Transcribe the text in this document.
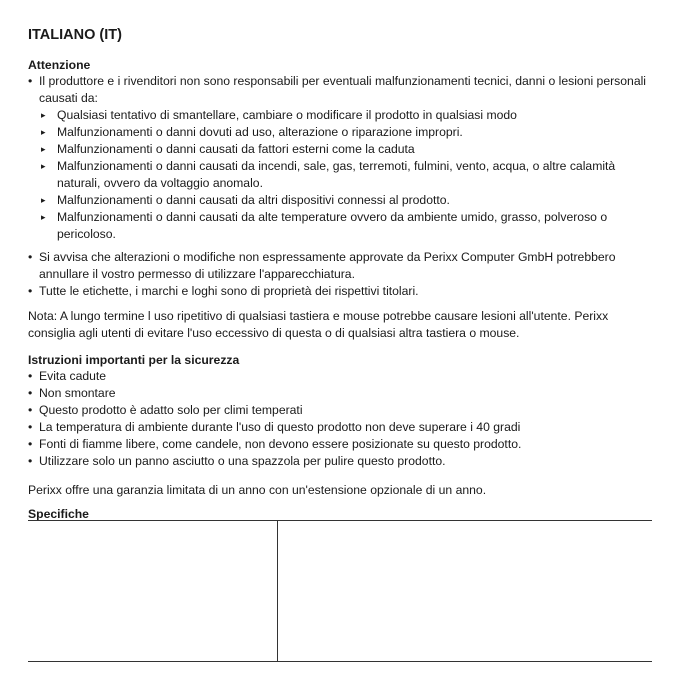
ITALIANO (IT)
Attenzione
• Il produttore e i rivenditori non sono responsabili per eventuali malfunzionamenti tecnici, danni o lesioni personali causati da:
▸ Qualsiasi tentativo di smantellare, cambiare o modificare il prodotto in qualsiasi modo
▸ Malfunzionamenti o danni dovuti ad uso, alterazione o riparazione impropri.
▸ Malfunzionamenti o danni causati da fattori esterni come la caduta
▸ Malfunzionamenti o danni causati da incendi, sale, gas, terremoti, fulmini, vento, acqua, o altre calamità naturali, ovvero da voltaggio anomalo.
▸ Malfunzionamenti o danni causati da altri dispositivi connessi al prodotto.
▸ Malfunzionamenti o danni causati da alte temperature ovvero da ambiente umido, grasso, polveroso o pericoloso.
• Si avvisa che alterazioni o modifiche non espressamente approvate da Perixx Computer GmbH potrebbero annullare il vostro permesso di utilizzare l'apparecchiatura.
• Tutte le etichette, i marchi e loghi sono di proprietà dei rispettivi titolari.

Nota: A lungo termine l uso ripetitivo di qualsiasi tastiera e mouse potrebbe causare lesioni all'utente. Perixx consiglia agli utenti di evitare l'uso eccessivo di questa o di qualsiasi altra tastiera o mouse.

Istruzioni importanti per la sicurezza
• Evita cadute
• Non smontare
• Questo prodotto è adatto solo per climi temperati
• La temperatura di ambiente durante l'uso di questo prodotto non deve superare i 40 gradi
• Fonti di fiamme libere, come candele, non devono essere posizionate su questo prodotto.
• Utilizzare solo un panno asciutto o una spazzola per pulire questo prodotto.

Perixx offre una garanzia limitata di un anno con un'estensione opzionale di un anno.

Specifiche
